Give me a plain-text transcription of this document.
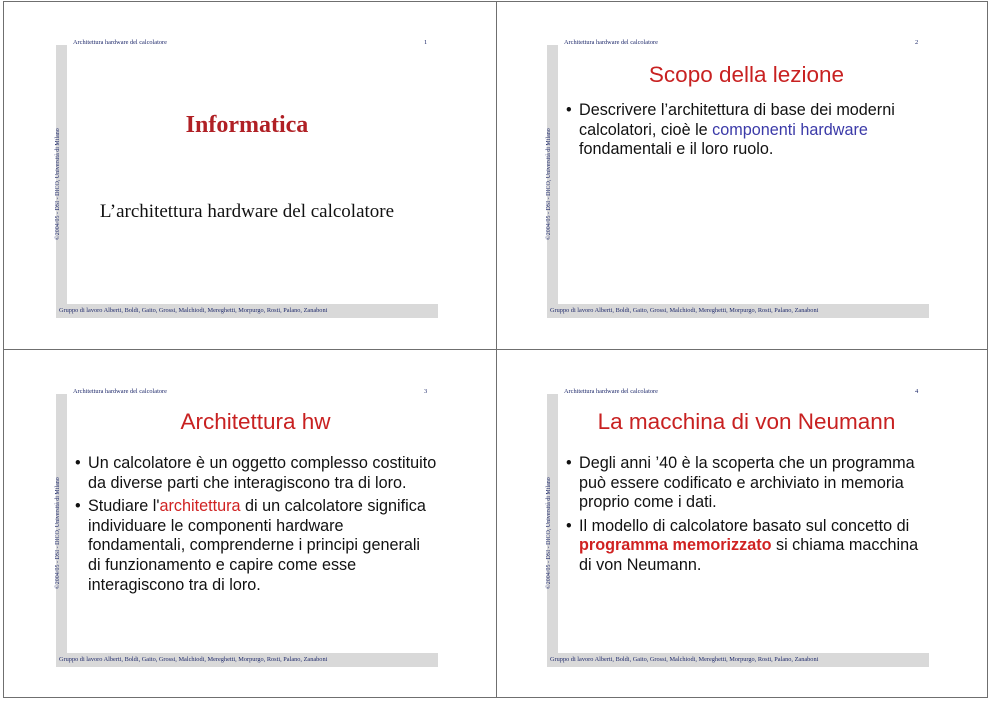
©2004/05 - DSI - DICO, Università di Milano
Architettura hardware del calcolatore	1
Informatica
L’architettura hardware del calcolatore
Gruppo di lavoro Alberti, Boldi, Gaito, Grossi, Malchiodi, Mereghetti, Morpurgo, Rosti, Palano, Zanaboni
©2004/05 - DSI - DICO, Università di Milano
Architettura hardware del calcolatore	2
Scopo della lezione
• Descrivere l’architettura di base dei moderni calcolatori, cioè le componenti hardware fondamentali e il loro ruolo.
Gruppo di lavoro Alberti, Boldi, Gaito, Grossi, Malchiodi, Mereghetti, Morpurgo, Rosti, Palano, Zanaboni
©2004/05 - DSI - DICO, Università di Milano
Architettura hardware del calcolatore	3
Architettura hw
• Un calcolatore è un oggetto complesso costituito da diverse parti che interagiscono tra di loro.
• Studiare l'architettura di un calcolatore significa individuare le componenti hardware fondamentali, comprenderne i principi generali di funzionamento e capire come esse interagiscono tra di loro.
Gruppo di lavoro Alberti, Boldi, Gaito, Grossi, Malchiodi, Mereghetti, Morpurgo, Rosti, Palano, Zanaboni
©2004/05 - DSI - DICO, Università di Milano
Architettura hardware del calcolatore	4
La macchina di von Neumann
• Degli anni ’40 è la scoperta che un programma può essere codificato e archiviato in memoria proprio come i dati.
• Il modello di calcolatore basato sul concetto di programma memorizzato si chiama macchina di von Neumann.
Gruppo di lavoro Alberti, Boldi, Gaito, Grossi, Malchiodi, Mereghetti, Morpurgo, Rosti, Palano, Zanaboni
